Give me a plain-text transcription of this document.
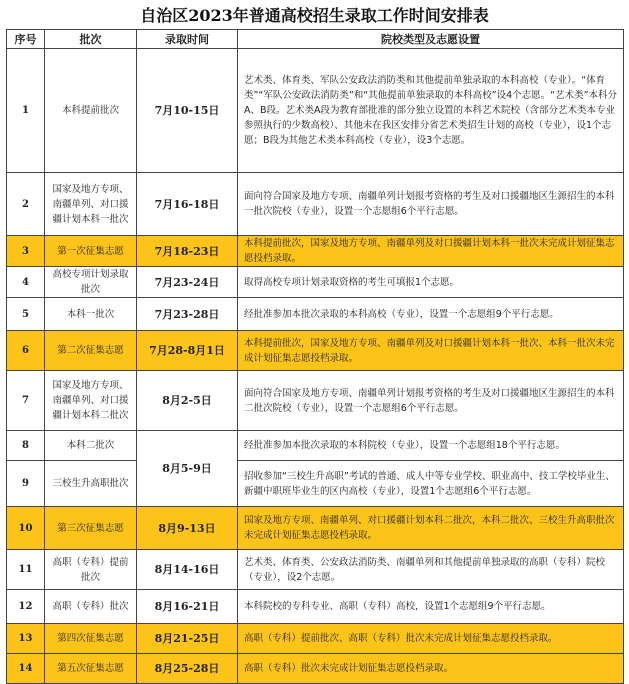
自治区2023年普通高校招生录取工作时间安排表
序号	批次	录取时间	院校类型及志愿设置
1	本科提前批次	7月10-15日	艺术类、体育类、军队公安政法消防类和其他提前单独录取的本科高校（专业）。“体育类”“军队公安政法消防类”和“其他提前单独录取的本科高校”设4个志愿。“艺术类”本科分A、B段。艺术类A段为教育部批准的部分独立设置的本科艺术院校（含部分艺术类本专业参照执行的少数高校）、其他未在我区安排分省艺术类招生计划的高校（专业），设1个志愿；B段为其他艺术类本科高校（专业），设3个志愿。
2	国家及地方专项、南疆单列、对口援疆计划本科一批次	7月16-18日	面向符合国家及地方专项、南疆单列计划报考资格的考生及对口援疆地区生源招生的本科一批次院校（专业），设置一个志愿组6个平行志愿。
3	第一次征集志愿	7月18-23日	本科提前批次，国家及地方专项、南疆单列及对口援疆计划本科一批次未完成计划征集志愿投档录取。
4	高校专项计划录取批次	7月23-24日	取得高校专项计划录取资格的考生可填报1个志愿。
5	本科一批次	7月23-28日	经批准参加本批次录取的本科高校（专业），设置一个志愿组9个平行志愿。
6	第二次征集志愿	7月28-8月1日	本科提前批次，国家及地方专项、南疆单列及对口援疆计划本科一批次、本科一批次未完成计划征集志愿投档录取。
7	国家及地方专项、南疆单列、对口援疆计划本科二批次	8月2-5日	面向符合国家及地方专项、南疆单列计划报考资格的考生及对口援疆地区生源招生的本科二批次院校（专业），设置一个志愿组6个平行志愿。
8	本科二批次	8月5-9日	经批准参加本批次录取的本科院校（专业），设置一个志愿组18个平行志愿。
9	三校生升高职批次		招收参加“三校生升高职”考试的普通、成人中等专业学校、职业高中、技工学校毕业生、新疆中职班毕业生的区内高校（专业），设置1个志愿组6个平行志愿。
10	第三次征集志愿	8月9-13日	国家及地方专项、南疆单列、对口援疆计划本科二批次，本科二批次、三校生升高职批次未完成计划征集志愿投档录取。
11	高职（专科）提前批次	8月14-16日	艺术类、体育类、公安政法消防类、南疆单列和其他提前单独录取的高职（专科）院校（专业），设2个志愿。
12	高职（专科）批次	8月16-21日	本科院校的专科专业、高职（专科）高校，设置1个志愿组9个平行志愿。
13	第四次征集志愿	8月21-25日	高职（专科）提前批次、高职（专科）批次未完成计划征集志愿投档录取。
14	第五次征集志愿	8月25-28日	高职（专科）批次未完成计划征集志愿投档录取。
